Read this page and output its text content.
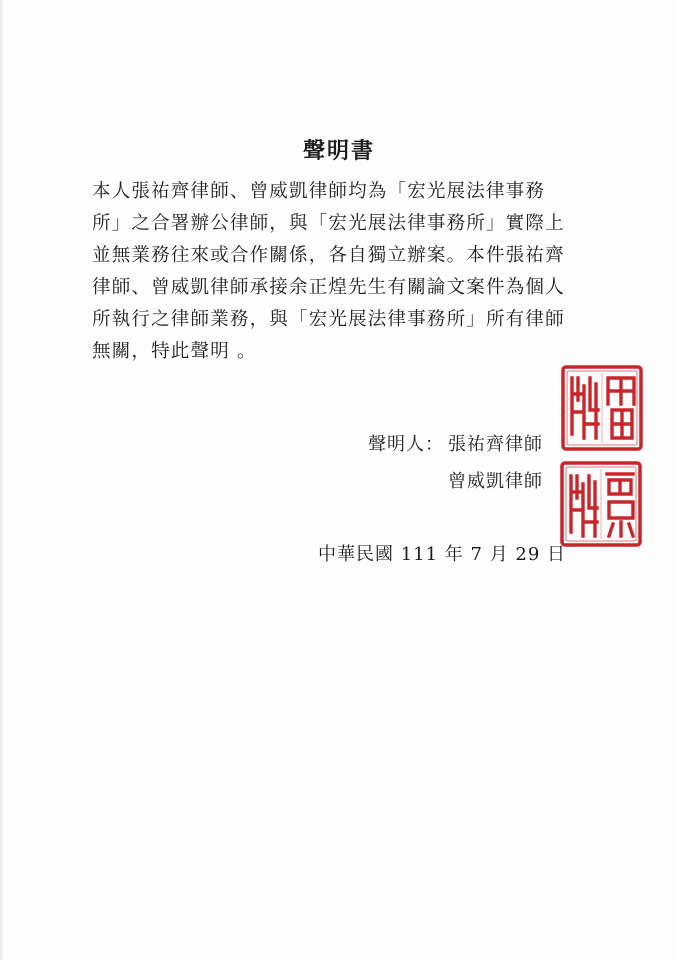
聲明書
本人張祐齊律師、曾威凱律師均為「宏光展法律事務
所」之合署辦公律師，與「宏光展法律事務所」實際上
並無業務往來或合作關係，各自獨立辦案。本件張祐齊
律師、曾威凱律師承接余正煌先生有關論文案件為個人
所執行之律師業務，與「宏光展法律事務所」所有律師
無關，特此聲明 。
聲明人： 張祐齊律師
曾威凱律師
中華民國 111 年 7 月 29 日
